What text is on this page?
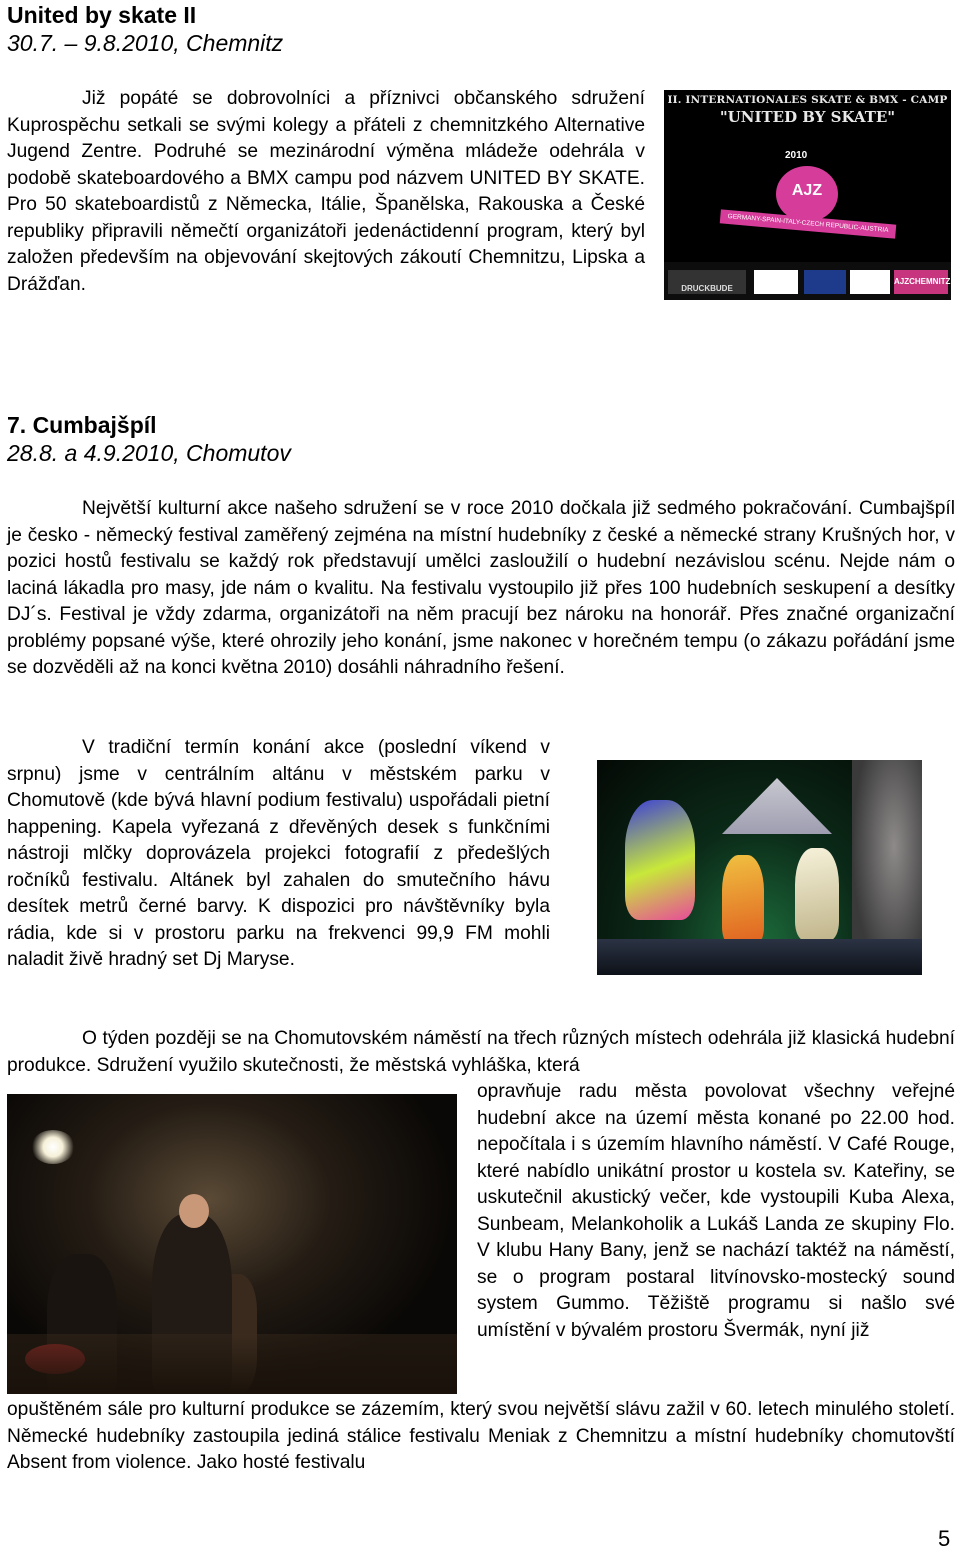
United by skate II
30.7. – 9.8.2010, Chemnitz

Již popáté se dobrovolníci a příznivci občanského sdružení Kuprospěchu setkali se svými kolegy a přáteli z chemnitzkého Alternative Jugend Zentre. Podruhé se mezinárodní výměna mládeže odehrála v podobě skateboardového a BMX campu pod názvem UNITED BY SKATE. Pro 50 skateboardistů z Německa, Itálie, Španělska, Rakouska a České republiky připravili němečtí organizátoři jedenáctidenní program, který byl založen především na objevování skejtových zákoutí Chemnitzu, Lipska a Drážďan.

II. INTERNATIONALES SKATE & BMX - CAMP
"UNITED BY SKATE"
2010
AJZ
GERMANY-SPAIN-ITALY-CZECH REPUBLIC-AUSTRIA
DRUCKBUDE
AJZCHEMNITZ
7. Cumbajšpíl
28.8. a 4.9.2010, Chomutov

Největší kulturní akce našeho sdružení se v roce 2010 dočkala již sedmého pokračování. Cumbajšpíl je česko - německý festival zaměřený zejména na místní hudebníky z české a německé strany Krušných hor, v pozici hostů festivalu se každý rok představují umělci zasloužilí o hudební nezávislou scénu. Nejde nám o laciná lákadla pro masy, jde nám o kvalitu. Na festivalu vystoupilo již přes 100 hudebních seskupení a desítky DJ´s. Festival je vždy zdarma, organizátoři na něm pracují bez nároku na honorář. Přes značné organizační problémy popsané výše, které ohrozily jeho konání, jsme nakonec v horečném tempu (o zákazu pořádání jsme se dozvěděli až na konci května 2010) dosáhli náhradního řešení.

V tradiční termín konání akce (poslední víkend v srpnu) jsme v centrálním altánu v městském parku v Chomutově (kde bývá hlavní podium festivalu) uspořádali pietní happening. Kapela vyřezaná z dřevěných desek s funkčními nástroji mlčky doprovázela projekci fotografií z předešlých ročníků festivalu. Altánek byl zahalen do smutečního hávu desítek metrů černé barvy. K dispozici pro návštěvníky byla rádia, kde si v prostoru parku na frekvenci 99,9 FM mohli naladit živě hradný set Dj Maryse.

O týden později se na Chomutovském náměstí na třech různých místech odehrála již klasická hudební produkce. Sdružení využilo skutečnosti, že městská vyhláška, která

opravňuje radu města povolovat všechny veřejné hudební akce na území města konané po 22.00 hod. nepočítala i s územím hlavního náměstí. V Café Rouge, které nabídlo unikátní prostor u kostela sv. Kateřiny, se uskutečnil akustický večer, kde vystoupili Kuba Alexa, Sunbeam, Melankoholik a Lukáš Landa ze skupiny Flo. V klubu Hany Bany, jenž se nachází taktéž na náměstí, se o program postaral litvínovsko-mostecký sound system Gummo. Těžiště programu si našlo své umístění v bývalém prostoru Švermák, nyní již

opuštěném sále pro kulturní produkce se zázemím, který svou největší slávu zažil v 60. letech minulého století. Německé hudebníky zastoupila jediná stálice festivalu Meniak z Chemnitzu a místní hudebníky chomutovští Absent from violence. Jako hosté festivalu

5
